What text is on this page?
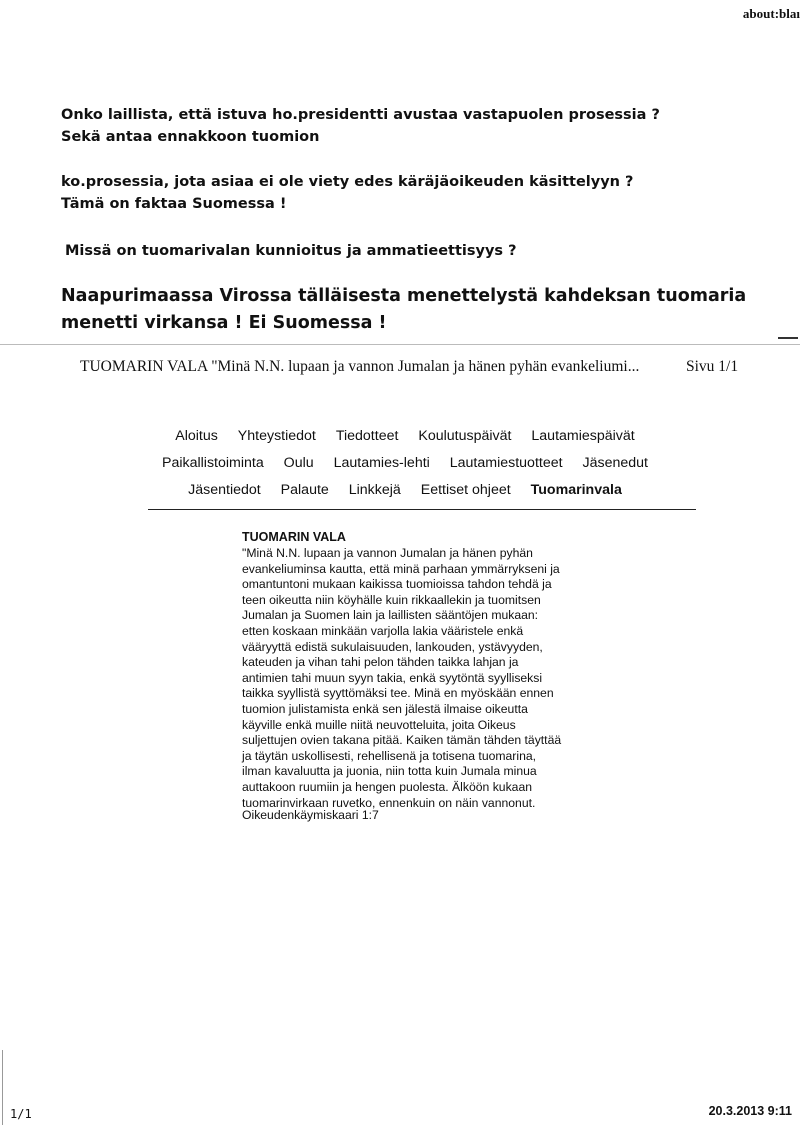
about:blaı
Onko laillista, että istuva ho.presidentti avustaa vastapuolen prosessia ? Sekä antaa ennakkoon tuomion
ko.prosessia, jota asiaa ei ole viety edes käräjäoikeuden käsittelyyn ? Tämä on faktaa Suomessa !
Missä on tuomarivalan kunnioitus ja ammatieettisyys ?
Naapurimaassa Virossa tälläisesta menettelystä kahdeksan tuomaria menetti virkansa ! Ei Suomessa !
TUOMARIN VALA "Minä N.N. lupaan ja vannon Jumalan ja hänen pyhän evankeliumi...	Sivu 1/1
Aloitus Yhteystiedot Tiedotteet Koulutuspäivät Lautamiespäivät
Paikallistoiminta Oulu Lautamies-lehti Lautamiestuotteet Jäsenedut
Jäsentiedot Palaute Linkkejä Eettiset ohjeet Tuomarinvala
TUOMARIN VALA
"Minä N.N. lupaan ja vannon Jumalan ja hänen pyhän
evankeliuminsa kautta, että minä parhaan ymmärrykseni ja
omantuntoni mukaan kaikissa tuomioissa tahdon tehdä ja
teen oikeutta niin köyhälle kuin rikkaallekin ja tuomitsen
Jumalan ja Suomen lain ja laillisten sääntöjen mukaan:
etten koskaan minkään varjolla lakia vääristele enkä
vääryyttä edistä sukulaisuuden, lankouden, ystävyyden,
kateuden ja vihan tahi pelon tähden taikka lahjan ja
antimien tahi muun syyn takia, enkä syytöntä syylliseksi
taikka syyllistä syyttömäksi tee. Minä en myöskään ennen
tuomion julistamista enkä sen jälestä ilmaise oikeutta
käyville enkä muille niitä neuvotteluita, joita Oikeus
suljettujen ovien takana pitää. Kaiken tämän tähden täyttää
ja täytän uskollisesti, rehellisenä ja totisena tuomarina,
ilman kavaluutta ja juonia, niin totta kuin Jumala minua
auttakoon ruumiin ja hengen puolesta. Älköön kukaan
tuomarinvirkaan ruvetko, ennenkuin on näin vannonut.
Oikeudenkäymiskaari 1:7
1/1	20.3.2013 9:11
